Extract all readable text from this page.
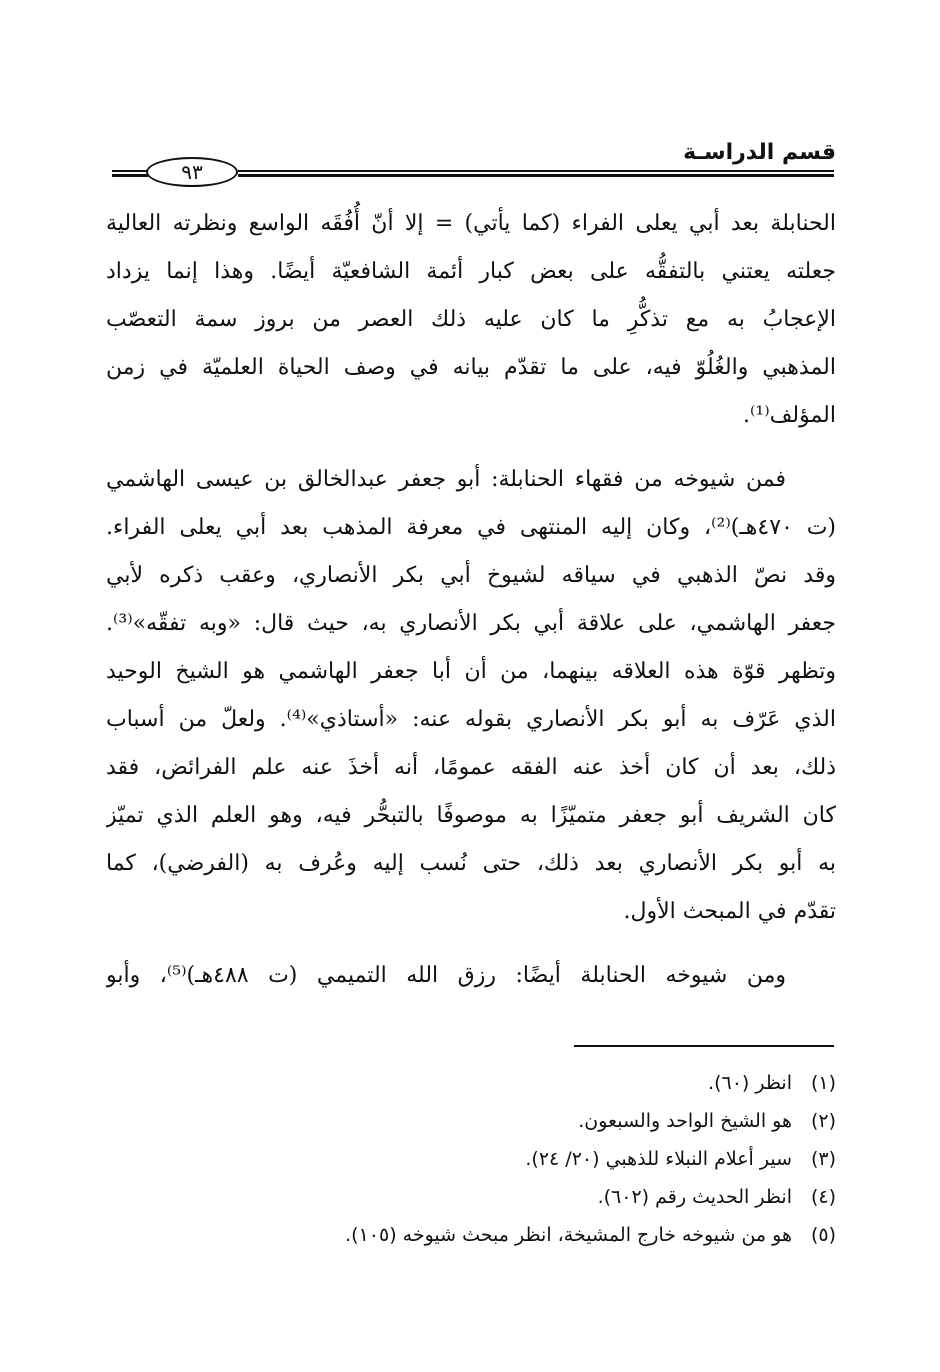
قسم الدراسـة
٩٣
الحنابلة بعد أبي يعلى الفراء (كما يأتي) = إلا أنّ أُفُقَه الواسع ونظرته العالية
جعلته يعتني بالتفقُّه على بعض كبار أئمة الشافعيّة أيضًا. وهذا إنما يزداد
الإعجابُ به مع تذكُّرِ ما كان عليه ذلك العصر من بروز سمة التعصّب
المذهبي والغُلُوّ فيه، على ما تقدّم بيانه في وصف الحياة العلميّة في زمن
المؤلف⁽¹⁾.
فمن شيوخه من فقهاء الحنابلة: أبو جعفر عبدالخالق بن عيسى الهاشمي
(ت ٤٧٠هـ)⁽²⁾، وكان إليه المنتهى في معرفة المذهب بعد أبي يعلى الفراء.
وقد نصّ الذهبي في سياقه لشيوخ أبي بكر الأنصاري، وعقب ذكره لأبي
جعفر الهاشمي، على علاقة أبي بكر الأنصاري به، حيث قال: «وبه تفقّه»⁽³⁾.
وتظهر قوّة هذه العلاقه بينهما، من أن أبا جعفر الهاشمي هو الشيخ الوحيد
الذي عَرّف به أبو بكر الأنصاري بقوله عنه: «أستاذي»⁽⁴⁾. ولعلّ من أسباب
ذلك، بعد أن كان أخذ عنه الفقه عمومًا، أنه أخذَ عنه علم الفرائض، فقد
كان الشريف أبو جعفر متميّزًا به موصوفًا بالتبحُّر فيه، وهو العلم الذي تميّز
به أبو بكر الأنصاري بعد ذلك، حتى نُسب إليه وعُرف به (الفرضي)، كما
تقدّم في المبحث الأول.
ومن شيوخه الحنابلة أيضًا: رزق الله التميمي (ت ٤٨٨هـ)⁽⁵⁾، وأبو
(١)انظر (٦٠).
(٢)هو الشيخ الواحد والسبعون.
(٣)سير أعلام النبلاء للذهبي (٢٠/ ٢٤).
(٤)انظر الحديث رقم (٦٠٢).
(٥)هو من شيوخه خارج المشيخة، انظر مبحث شيوخه (١٠٥).
